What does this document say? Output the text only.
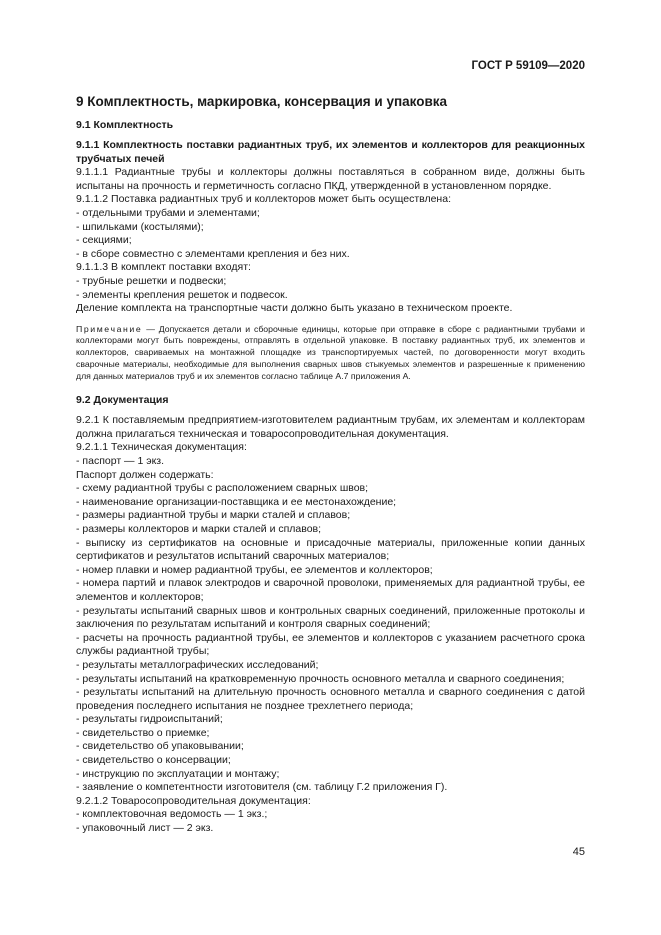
ГОСТ Р 59109—2020
9 Комплектность, маркировка, консервация и упаковка
9.1 Комплектность
9.1.1 Комплектность поставки радиантных труб, их элементов и коллекторов для реакционных трубчатых печей
9.1.1.1 Радиантные трубы и коллекторы должны поставляться в собранном виде, должны быть испытаны на прочность и герметичность согласно ПКД, утвержденной в установленном порядке.
9.1.1.2 Поставка радиантных труб и коллекторов может быть осуществлена:
- отдельными трубами и элементами;
- шпильками (костылями);
- секциями;
- в сборе совместно с элементами крепления и без них.
9.1.1.3 В комплект поставки входят:
- трубные решетки и подвески;
- элементы крепления решеток и подвесок.
Деление комплекта на транспортные части должно быть указано в техническом проекте.
Примечание — Допускается детали и сборочные единицы, которые при отправке в сборе с радиантными трубами и коллекторами могут быть повреждены, отправлять в отдельной упаковке. В поставку радиантных труб, их элементов и коллекторов, свариваемых на монтажной площадке из транспортируемых частей, по договоренности могут входить сварочные материалы, необходимые для выполнения сварных швов стыкуемых элементов и разрешенные к применению для данных материалов труб и их элементов согласно таблице А.7 приложения А.
9.2 Документация
9.2.1 К поставляемым предприятием-изготовителем радиантным трубам, их элементам и коллекторам должна прилагаться техническая и товаросопроводительная документация.
9.2.1.1 Техническая документация:
- паспорт — 1 экз.
Паспорт должен содержать:
- схему радиантной трубы с расположением сварных швов;
- наименование организации-поставщика и ее местонахождение;
- размеры радиантной трубы и марки сталей и сплавов;
- размеры коллекторов и марки сталей и сплавов;
- выписку из сертификатов на основные и присадочные материалы, приложенные копии данных сертификатов и результатов испытаний сварочных материалов;
- номер плавки и номер радиантной трубы, ее элементов и коллекторов;
- номера партий и плавок электродов и сварочной проволоки, применяемых для радиантной трубы, ее элементов и коллекторов;
- результаты испытаний сварных швов и контрольных сварных соединений, приложенные протоколы и заключения по результатам испытаний и контроля сварных соединений;
- расчеты на прочность радиантной трубы, ее элементов и коллекторов с указанием расчетного срока службы радиантной трубы;
- результаты металлографических исследований;
- результаты испытаний на кратковременную прочность основного металла и сварного соединения;
- результаты испытаний на длительную прочность основного металла и сварного соединения с датой проведения последнего испытания не позднее трехлетнего периода;
- результаты гидроиспытаний;
- свидетельство о приемке;
- свидетельство об упаковывании;
- свидетельство о консервации;
- инструкцию по эксплуатации и монтажу;
- заявление о компетентности изготовителя (см. таблицу Г.2 приложения Г).
9.2.1.2 Товаросопроводительная документация:
- комплектовочная ведомость — 1 экз.;
- упаковочный лист — 2 экз.
45
